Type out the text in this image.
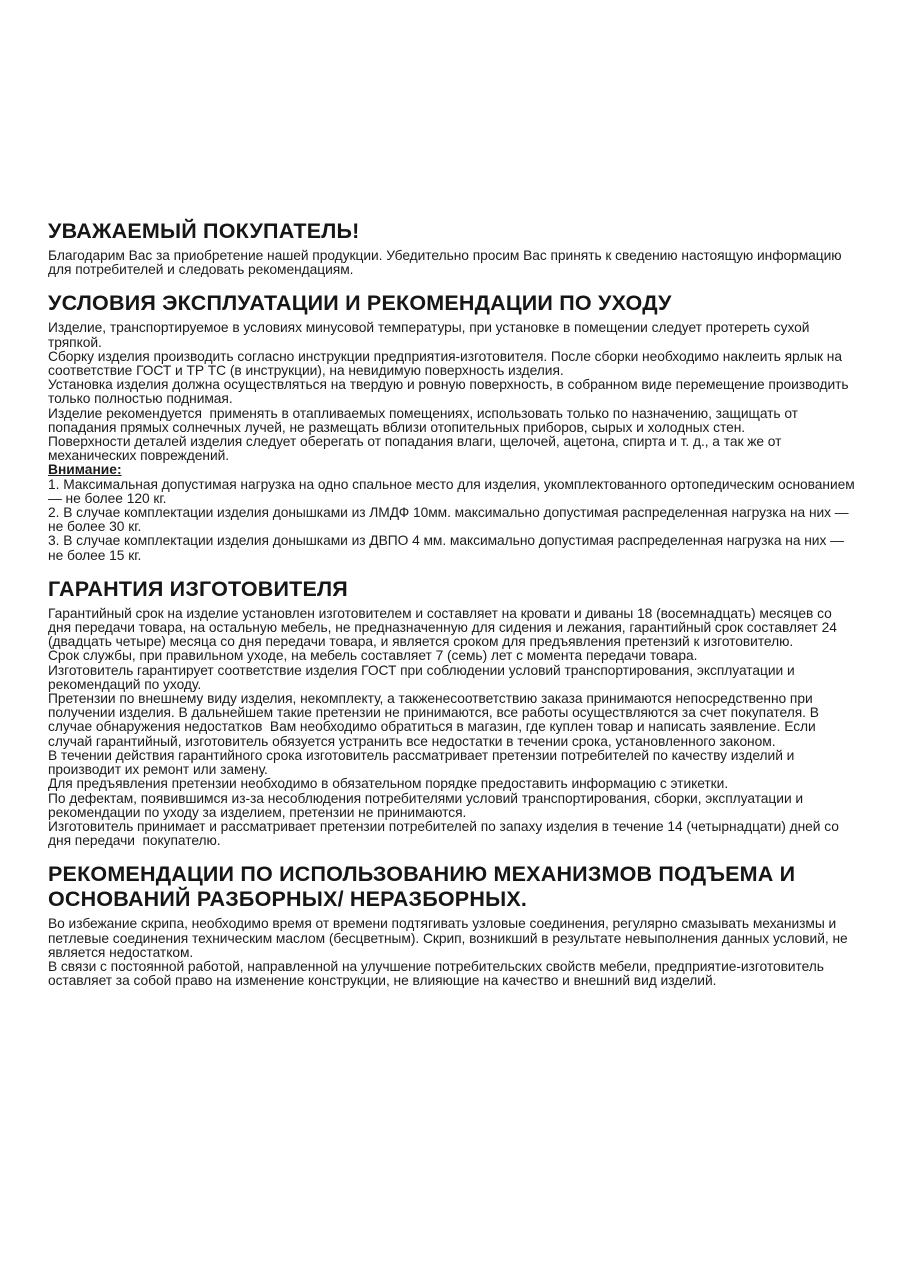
УВАЖАЕМЫЙ ПОКУПАТЕЛЬ!

Благодарим Вас за приобретение нашей продукции. Убедительно просим Вас принять к сведению настоящую информацию для потребителей и следовать рекомендациям.

УСЛОВИЯ ЭКСПЛУАТАЦИИ И РЕКОМЕНДАЦИИ ПО УХОДУ

Изделие, транспортируемое в условиях минусовой температуры, при установке в помещении следует протереть сухой тряпкой.

Сборку изделия производить согласно инструкции предприятия-изготовителя. После сборки необходимо наклеить ярлык на соответствие ГОСТ и ТР ТС (в инструкции), на невидимую поверхность изделия.

Установка изделия должна осуществляться на твердую и ровную поверхность, в собранном виде перемещение производить только полностью поднимая.

Изделие рекомендуется  применять в отапливаемых помещениях, использовать только по назначению, защищать от попадания прямых солнечных лучей, не размещать вблизи отопительных приборов, сырых и холодных стен.

Поверхности деталей изделия следует оберегать от попадания влаги, щелочей, ацетона, спирта и т. д., а так же от механических повреждений.

Внимание:

1. Максимальная допустимая нагрузка на одно спальное место для изделия, укомплектованного ортопедическим основанием — не более 120 кг.

2. В случае комплектации изделия донышками из ЛМДФ 10мм. максимально допустимая распределенная нагрузка на них — не более 30 кг.

3. В случае комплектации изделия донышками из ДВПО 4 мм. максимально допустимая распределенная нагрузка на них — не более 15 кг.

ГАРАНТИЯ ИЗГОТОВИТЕЛЯ

Гарантийный срок на изделие установлен изготовителем и составляет на кровати и диваны 18 (восемнадцать) месяцев со дня передачи товара, на остальную мебель, не предназначенную для сидения и лежания, гарантийный срок составляет 24 (двадцать четыре) месяца со дня передачи товара, и является сроком для предъявления претензий к изготовителю.

Срок службы, при правильном уходе, на мебель составляет 7 (семь) лет с момента передачи товара.

Изготовитель гарантирует соответствие изделия ГОСТ при соблюдении условий транспортирования, эксплуатации и рекомендаций по уходу.

Претензии по внешнему виду изделия, некомплекту, а такженесоответствию заказа принимаются непосредственно при получении изделия. В дальнейшем такие претензии не принимаются, все работы осуществляются за счет покупателя. В случае обнаружения недостатков  Вам необходимо обратиться в магазин, где куплен товар и написать заявление. Если случай гарантийный, изготовитель обязуется устранить все недостатки в течении срока, установленного законом.

В течении действия гарантийного срока изготовитель рассматривает претензии потребителей по качеству изделий и производит их ремонт или замену.

Для предъявления претензии необходимо в обязательном порядке предоставить информацию с этикетки.

По дефектам, появившимся из-за несоблюдения потребителями условий транспортирования, сборки, эксплуатации и рекомендации по уходу за изделием, претензии не принимаются.

Изготовитель принимает и рассматривает претензии потребителей по запаху изделия в течение 14 (четырнадцати) дней со дня передачи  покупателю.

РЕКОМЕНДАЦИИ ПО ИСПОЛЬЗОВАНИЮ МЕХАНИЗМОВ ПОДЪЕМА И ОСНОВАНИЙ РАЗБОРНЫХ/ НЕРАЗБОРНЫХ.

Во избежание скрипа, необходимо время от времени подтягивать узловые соединения, регулярно смазывать механизмы и петлевые соединения техническим маслом (бесцветным). Скрип, возникший в результате невыполнения данных условий, не является недостатком.

В связи с постоянной работой, направленной на улучшение потребительских свойств мебели, предприятие-изготовитель оставляет за собой право на изменение конструкции, не влияющие на качество и внешний вид изделий.
